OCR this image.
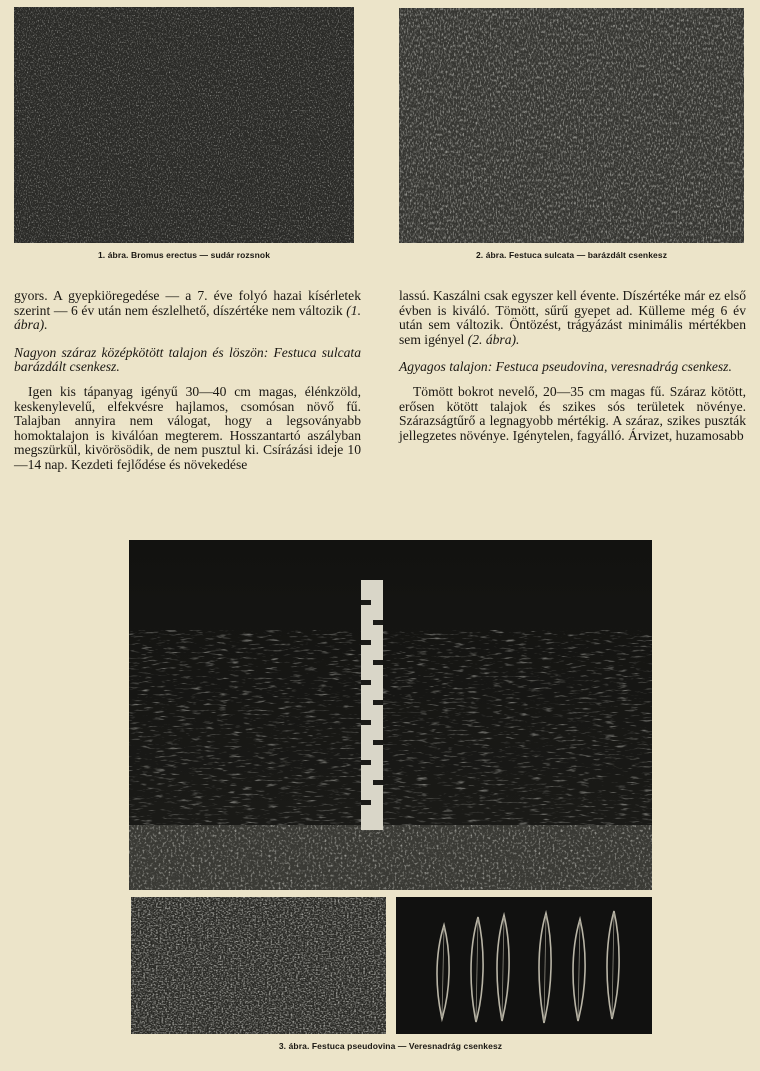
1. ábra. Bromus erectus — sudár rozsnok	2. ábra. Festuca sulcata — barázdált csenkesz

gyors. A gyepkiöregedése — a 7. éve folyó hazai kísérletek szerint — 6 év után nem észlelhető, díszértéke nem változik (1. ábra).

Nagyon száraz középkötött talajon és löszön: Festuca sulcata barázdált csenkesz.

Igen kis tápanyag igényű 30—40 cm magas, élénkzöld, keskenylevelű, elfekvésre hajlamos, csomósan növő fű. Talajban annyira nem válogat, hogy a legsoványabb homoktalajon is kiválóan megterem. Hosszantartó aszályban megszürkül, kivörösödik, de nem pusztul ki. Csírázási ideje 10—14 nap. Kezdeti fejlődése és növekedése

lassú. Kaszálni csak egyszer kell évente. Díszértéke már ez első évben is kiváló. Tömött, sűrű gyepet ad. Külleme még 6 év után sem változik. Öntözést, trágyázást minimális mértékben sem igényel (2. ábra).

Agyagos talajon: Festuca pseudovina, veresnadrág csenkesz.

Tömött bokrot nevelő, 20—35 cm magas fű. Száraz kötött, erősen kötött talajok és szikes sós területek növénye. Szárazságtűrő a legnagyobb mértékig. A száraz, szikes puszták jellegzetes növénye. Igénytelen, fagyálló. Árvizet, huzamosabb

3. ábra. Festuca pseudovina — Veresnadrág csenkesz
